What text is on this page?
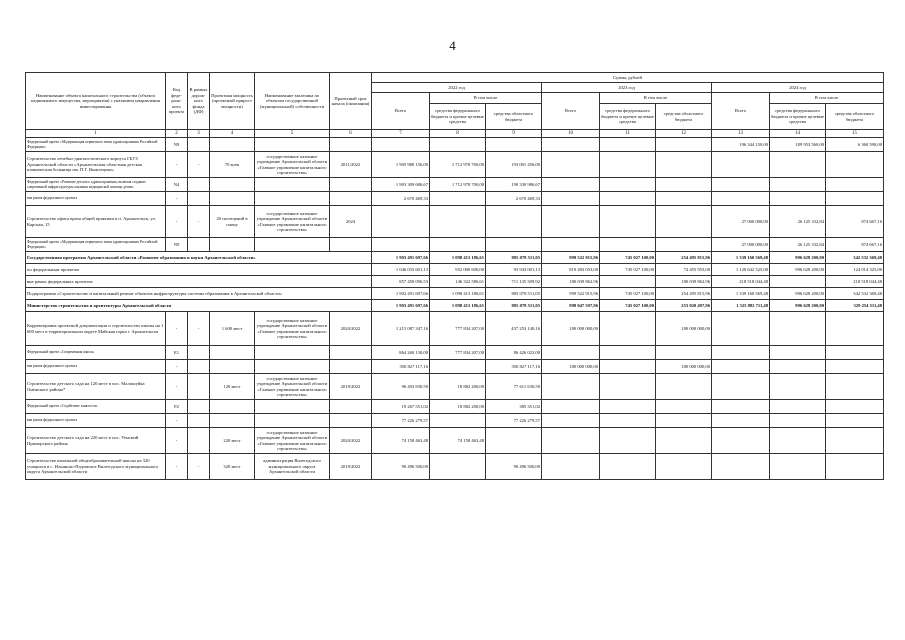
4
Наименование объекта капитального строительства (объекта недвижимого имущества, мероприятия) с указанием направления инвестирования	Код феде-раль-ного проекта	В рамках дорож-ного фонда (ДФ)	Проектная мощность (проектный прирост мощности)	Наименование заказчика по объектам государственной (муниципальной) собственности	Проектный срок начала (окончания)	Сумма, рублей								
						2022 год			2023 год			2024 год		
						Всего	В том числе		Всего	В том числе		Всего	В том числе	
							средства федерального бюджета и прочие целевые средства	средства областного бюджета		средства федерального бюджета и прочие целевые средства	средства областного бюджета		средства федерального бюджета и прочие целевые средства	средства областного бюджета
1	2	3	4	5	6	7	8	9	10	11	12	13	14	15
Федеральный проект «Модернизация первичного звена здравоохранения Российской Федерации»	N9											196 344 150,00	189 953 560,00	6 360 590,00
Строительство лечебно-диагностического корпуса ГБУЗ Архангельской области «Архангельская областная детская клиническая больница им. П.Г. Выжлецова»	-	-	70 коек	государственное казенное учреждение Архангельской области «Главное управление капитального строительства»	2011/2022	1 905 980 156,00	1 712 978 700,00	193 001 456,00						
Федеральный проект «Развитие детского здравоохранения, включая создание современной инфраструктуры оказания медицинской помощи детям»	N4					1 903 309 686,67	1 712 978 700,00	190 330 986,67						
вне рамок федерального проекта	-					2 670 469,33		2 670 469,33						
Строительство офиса врача общей практики в п. Архангельск, ул. Карская, 15	-	-	20 посещений в смену	государственное казенное учреждение Архангельской области «Главное управление капитального строительства»	2024							27 000 000,00	26 125 332,84	874 667,16
Федеральный проект «Модернизация первичного звена здравоохранения Российской Федерации»	N9											27 000 000,00	26 125 332,84	874 667,16
Государственная программа Архангельской области «Развитие образования и науки Архангельской области»						1 903 491 697,66	1 098 413 186,61	805 078 511,05	999 522 915,96	745 027 100,00	254 495 815,96	1 339 160 569,48	996 628 200,00	342 532 369,48
по федеральным проектам						1 046 033 601,13	952 000 600,00	93 943 001,13	819 483 053,00	745 027 100,00	74 455 953,00	1 120 642 525,00	996 628 200,00	124 014 325,00
вне рамок федеральных проектов						857 458 096,53	146 322 586,61	711 135 509,92	180 039 862,96		180 039 862,96	218 518 044,48		218 518 044,48
Подпрограмма «Строительство и капитальный ремонт объектов инфраструктуры системы образования в Архангельской области»						1 902 491 697,66	1 098 413 186,61	805 078 511,05	999 522 915,96	745 027 100,00	254 495 815,96	1 339 160 569,48	996 628 200,00	342 532 369,48
Министерство строительства и архитектуры Архангельской области						1 903 491 697,66	1 098 413 186,61	805 078 511,05	998 047 597,96	745 027 100,00	253 020 497,96	1 325 882 711,48	996 628 200,00	329 254 511,48
Корректировка проектной документации и строительство школы на 1 600 мест в территориальном округе Майская горка г. Архангельска	-	-	1 600 мест	государственное казенное учреждение Архангельской области «Главное управление капитального строительства»	2020/2022	1 215 087 347,16	777 834 207,00	437 253 140,16	180 000 000,00		180 000 000,00			
Федеральный проект «Современная школа»	E1					864 260 130,00	777 834 207,00	86 426 023,00						
вне рамок федерального проекта	-					350 827 117,16		350 827 117,16	180 000 000,00		180 000 000,00			
Строительство детского сада на 120 мест в пос. Малошуйка Онежского района*	-		120 мест	государственное казенное учреждение Архангельской области «Главное управление капитального строительства»	2019/2022	96 493 830,59	18 882 200,00	77 611 630,59						
Федеральный проект «Содействие занятости»	P2					19 267 551,02	18 882 200,00	385 351,02						
вне рамок федерального проекта	-					77 226 279,57		77 226 279,57						
Строительство детского сада на 220 мест в пос. Уемский Приморского района	-		220 мест	государственное казенное учреждение Архангельской области «Главное управление капитального строительства»	2020/2022	74 158 463,48	74 158 463,48							
Строительство начальной общеобразовательной школы на 320 учащихся в с. Ильинско-Подомское Вилегодского муниципального округа Архангельской области	-	-	320 мест	администрация Вилегодского муниципального округа Архангельской области	2019/2022	90 496 500,00		90 496 500,00						
